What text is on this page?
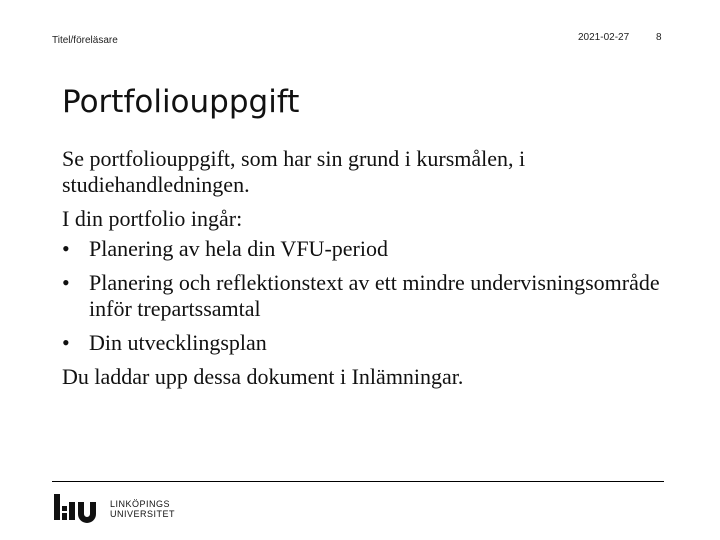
Titel/föreläsare	2021-02-27	8
Portfoliouppgift

Se portfoliouppgift, som har sin grund i kursmålen, i studiehandledningen.

I din portfolio ingår:

• Planering av hela din VFU-period
• Planering och reflektionstext av ett mindre undervisningsområde inför trepartssamtal
• Din utvecklingsplan

Du laddar upp dessa dokument i Inlämningar.

LINKÖPINGS
UNIVERSITET
